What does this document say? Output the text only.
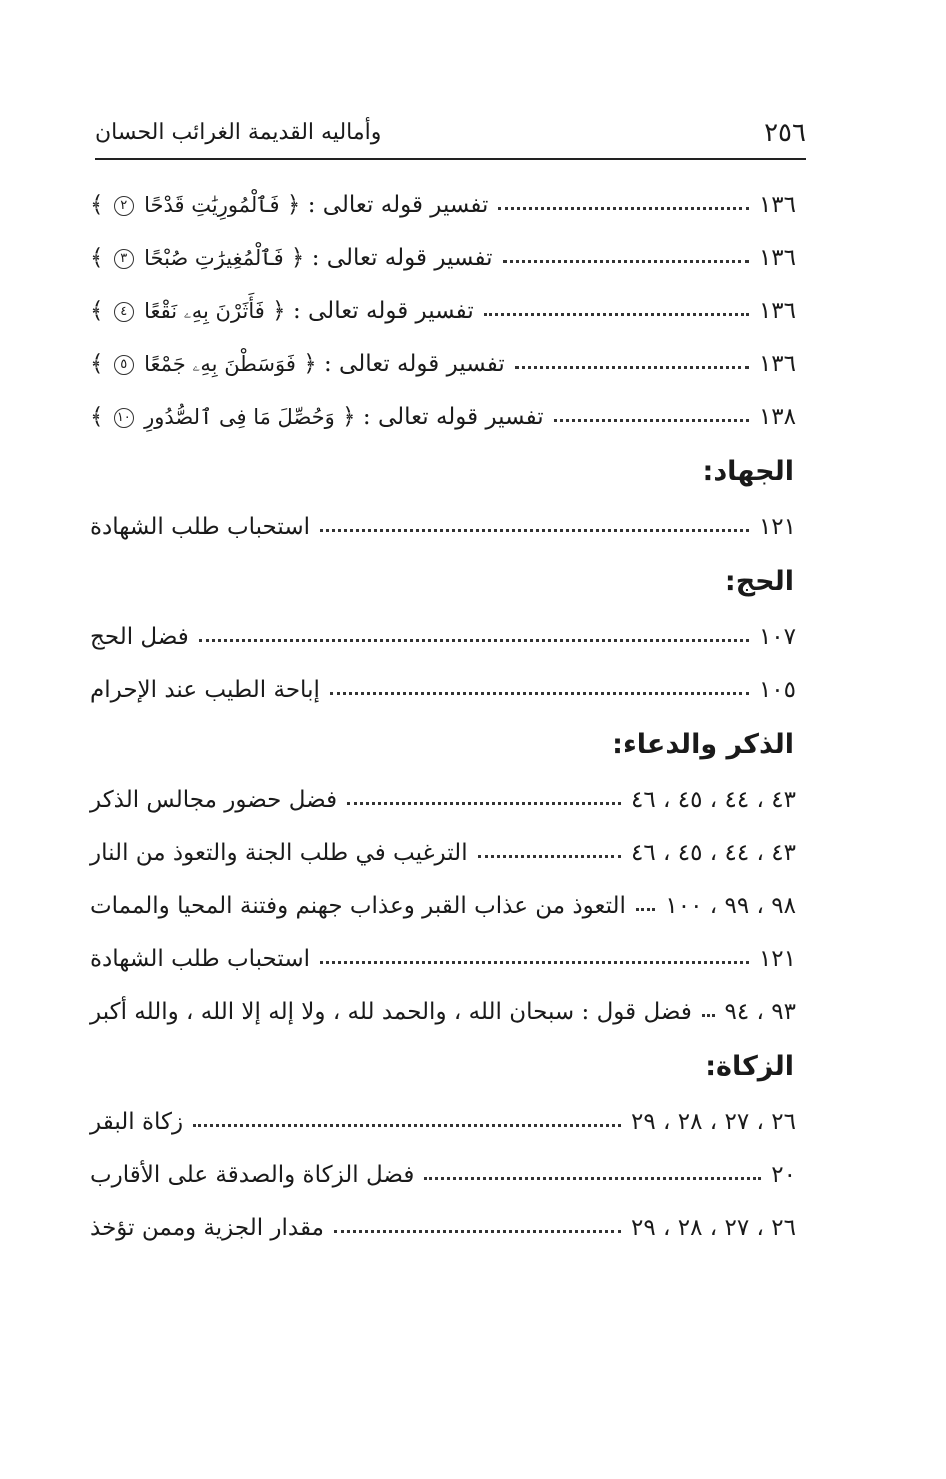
وأماليه القديمة الغرائب الحسان	٢٥٦
تفسير قوله تعالى : ﴿ فَٱلْمُورِيَٰتِ قَدْحًا ٢ ﴾	١٣٦
تفسير قوله تعالى : ﴿ فَٱلْمُغِيرَٰتِ صُبْحًا ٣ ﴾	١٣٦
تفسير قوله تعالى : ﴿ فَأَثَرْنَ بِهِۦ نَقْعًا ٤ ﴾	١٣٦
تفسير قوله تعالى : ﴿ فَوَسَطْنَ بِهِۦ جَمْعًا ٥ ﴾	١٣٦
تفسير قوله تعالى : ﴿ وَحُصِّلَ مَا فِى ٱلصُّدُورِ ١٠ ﴾	١٣٨
الجهاد:
استحباب طلب الشهادة	١٢١
الحج:
فضل الحج	١٠٧
إباحة الطيب عند الإحرام	١٠٥
الذكر والدعاء:
فضل حضور مجالس الذكر	٤٣ ، ٤٤ ، ٤٥ ، ٤٦
الترغيب في طلب الجنة والتعوذ من النار	٤٣ ، ٤٤ ، ٤٥ ، ٤٦
التعوذ من عذاب القبر وعذاب جهنم وفتنة المحيا والممات ٩٨ ، ٩٩ ، ١٠٠
استحباب طلب الشهادة	١٢١
فضل قول : سبحان الله ، والحمد لله ، ولا إله إلا الله ، والله أكبر ٩٣ ، ٩٤
الزكاة:
زكاة البقر	٢٦ ، ٢٧ ، ٢٨ ، ٢٩
فضل الزكاة والصدقة على الأقارب	٢٠
مقدار الجزية وممن تؤخذ	٢٦ ، ٢٧ ، ٢٨ ، ٢٩
